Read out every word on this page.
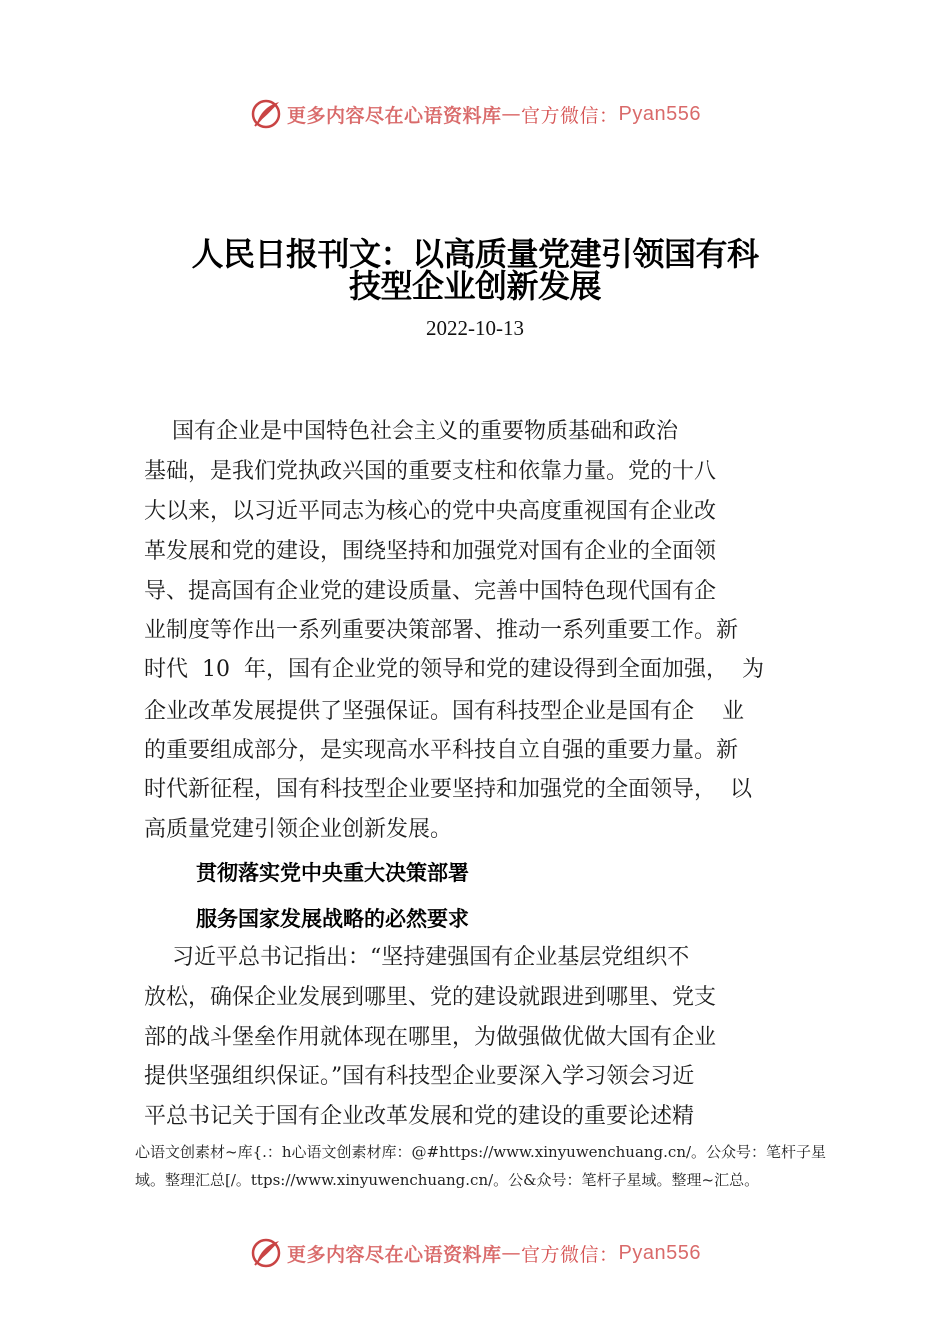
更多内容尽在心语资料库 — 官方微信： Pyan556
人民日报刊文：以高质量党建引领国有科
技型企业创新发展
2022-10-13
国有企业是中国特色社会主义的重要物质基础和政治
基础，是我们党执政兴国的重要支柱和依靠力量。党的十八
大以来，以习近平同志为核心的党中央高度重视国有企业改
革发展和党的建设，围绕坚持和加强党对国有企业的全面领
导、提高国有企业党的建设质量、完善中国特色现代国有企
业制度等作出一系列重要决策部署、推动一系列重要工作。新
时代  10  年，国有企业党的领导和党的建设得到全面加强，  为
企业改革发展提供了坚强保证。国有科技型企业是国有企    业
的重要组成部分，是实现高水平科技自立自强的重要力量。新
时代新征程，国有科技型企业要坚持和加强党的全面领导，  以
高质量党建引领企业创新发展。
贯彻落实党中央重大决策部署
服务国家发展战略的必然要求
习近平总书记指出：“坚持建强国有企业基层党组织不
放松，确保企业发展到哪里、党的建设就跟进到哪里、党支
部的战斗堡垒作用就体现在哪里，为做强做优做大国有企业
提供坚强组织保证。”国有科技型企业要深入学习领会习近
平总书记关于国有企业改革发展和党的建设的重要论述精
心语文创素材~库{.：h心语文创素材库：@#https://www.xinyuwenchuang.cn/。公众号：笔杆子星域。整理汇总[/。ttps://www.xinyuwenchuang.cn/。公&众号：笔杆子星域。整理~汇总。
更多内容尽在心语资料库 — 官方微信： Pyan556
